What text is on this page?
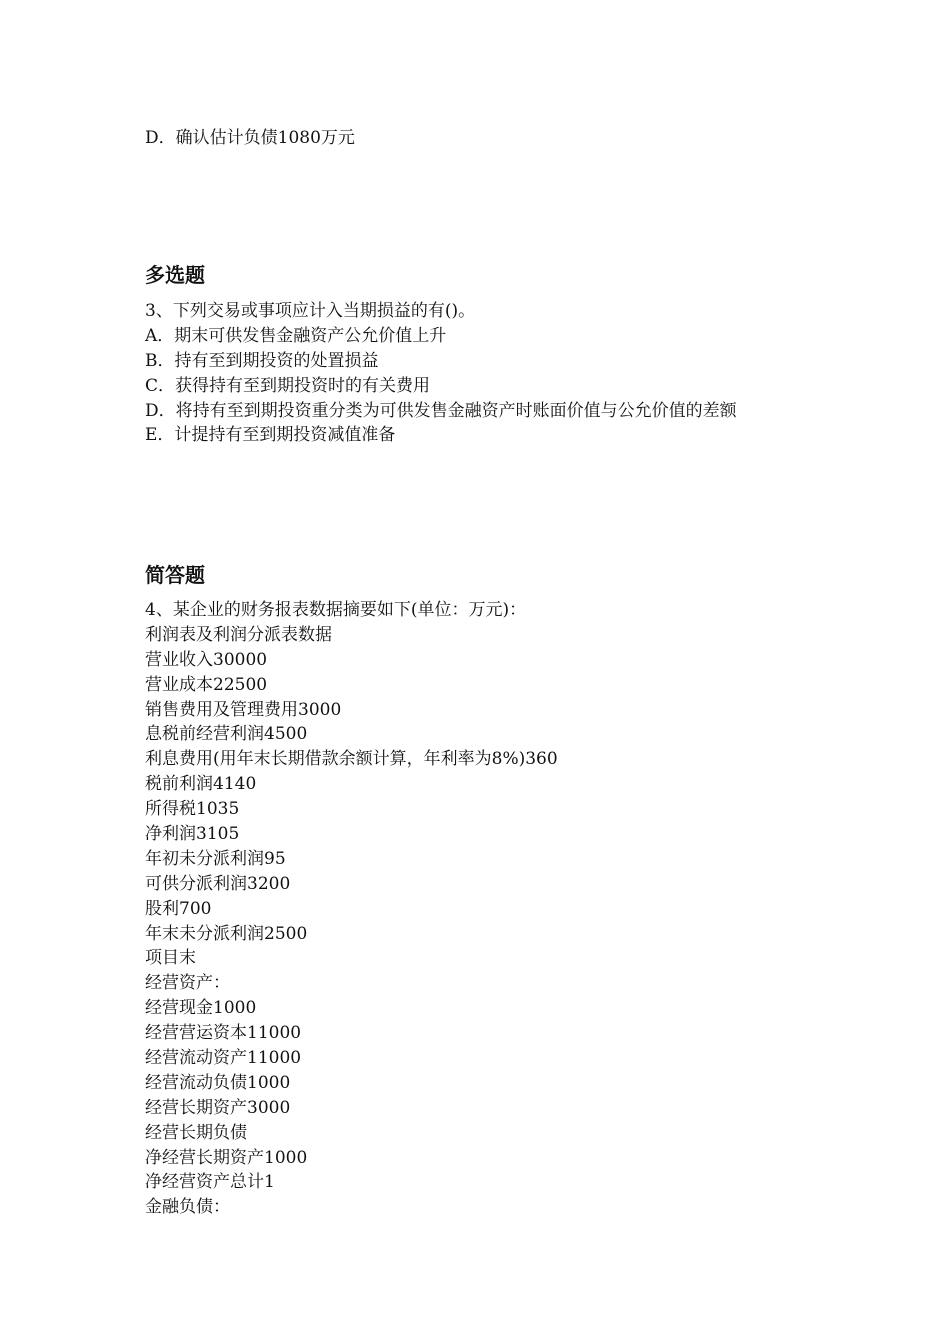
D．确认估计负债1080万元
多选题
3、下列交易或事项应计入当期损益的有()。
A．期末可供发售金融资产公允价值上升
B．持有至到期投资的处置损益
C．获得持有至到期投资时的有关费用
D．将持有至到期投资重分类为可供发售金融资产时账面价值与公允价值的差额
E．计提持有至到期投资减值准备
简答题
4、某企业的财务报表数据摘要如下(单位：万元)：
利润表及利润分派表数据
营业收入30000
营业成本22500
销售费用及管理费用3000
息税前经营利润4500
利息费用(用年末长期借款余额计算，年利率为8%)360
税前利润4140
所得税1035
净利润3105
年初未分派利润95
可供分派利润3200
股利700
年末未分派利润2500
项目末
经营资产：
经营现金1000
经营营运资本11000
经营流动资产11000
经营流动负债1000
经营长期资产3000
经营长期负债
净经营长期资产1000
净经营资产总计1
金融负债：
